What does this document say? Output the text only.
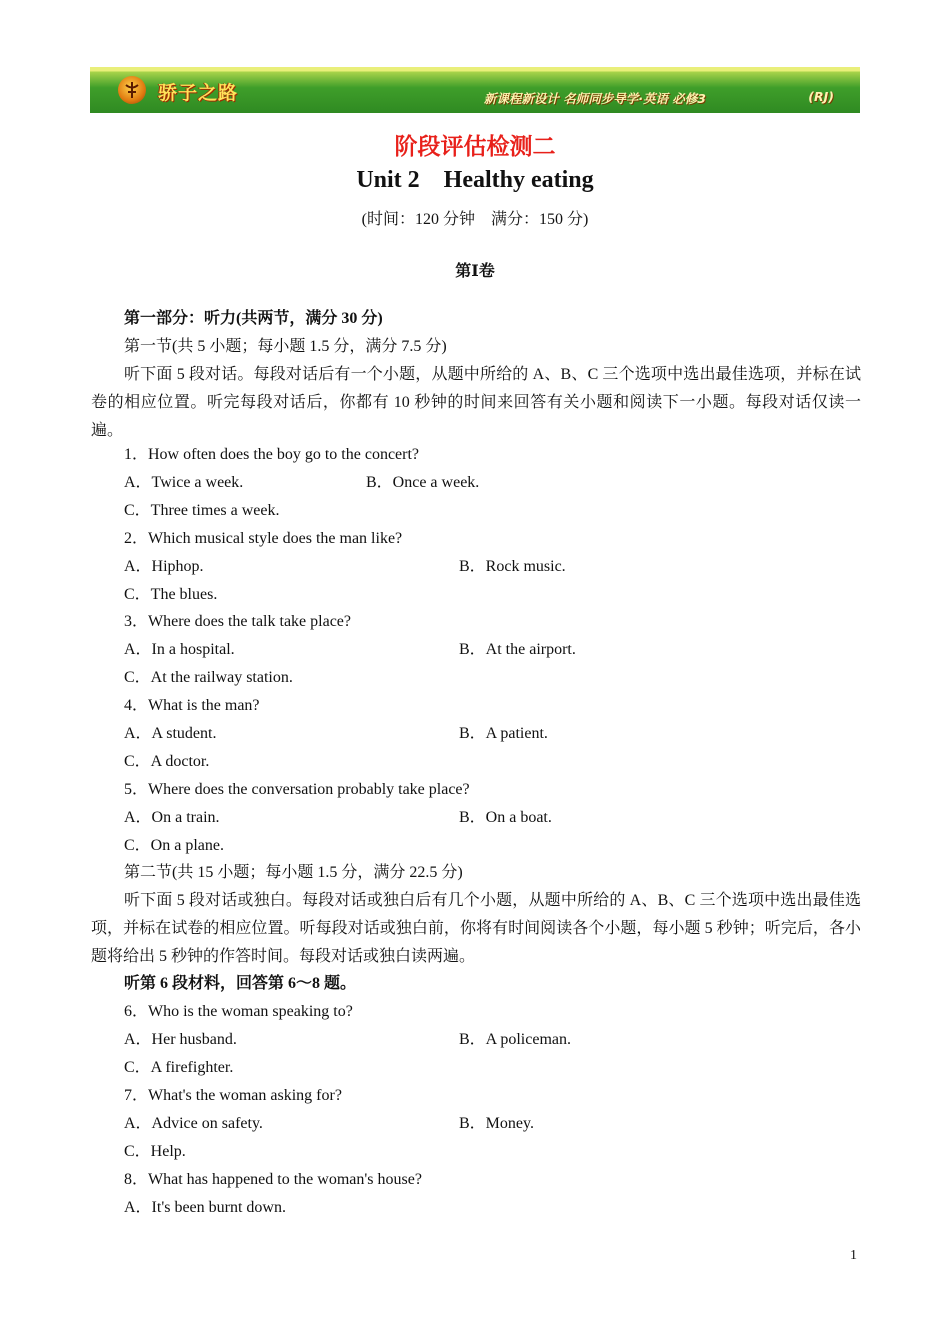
骄子之路	新课程新设计 名师同步导学·英语 必修3	(RJ)
阶段评估检测二
Unit 2    Healthy eating
(时间：120 分钟    满分：150 分)
第Ⅰ卷
第一部分：听力(共两节，满分 30 分)
第一节(共 5 小题；每小题 1.5 分，满分 7.5 分)
听下面 5 段对话。每段对话后有一个小题，从题中所给的 A、B、C 三个选项中选出最佳选项，并标在试卷的相应位置。听完每段对话后，你都有 10 秒钟的时间来回答有关小题和阅读下一小题。每段对话仅读一遍。
1．How often does the boy go to the concert?
A．Twice a week.	B．Once a week.
C．Three times a week.
2．Which musical style does the man like?
A．Hiphop.	B．Rock music.
C．The blues.
3．Where does the talk take place?
A．In a hospital.	B．At the airport.
C．At the railway station.
4．What is the man?
A．A student.	B．A patient.
C．A doctor.
5．Where does the conversation probably take place?
A．On a train.	B．On a boat.
C．On a plane.
第二节(共 15 小题；每小题 1.5 分，满分 22.5 分)
听下面 5 段对话或独白。每段对话或独白后有几个小题，从题中所给的 A、B、C 三个选项中选出最佳选项，并标在试卷的相应位置。听每段对话或独白前，你将有时间阅读各个小题，每小题 5 秒钟；听完后，各小题将给出 5 秒钟的作答时间。每段对话或独白读两遍。
听第 6 段材料，回答第 6～8 题。
6．Who is the woman speaking to?
A．Her husband.	B．A policeman.
C．A firefighter.
7．What's the woman asking for?
A．Advice on safety.	B．Money.
C．Help.
8．What has happened to the woman's house?
A．It's been burnt down.
1
